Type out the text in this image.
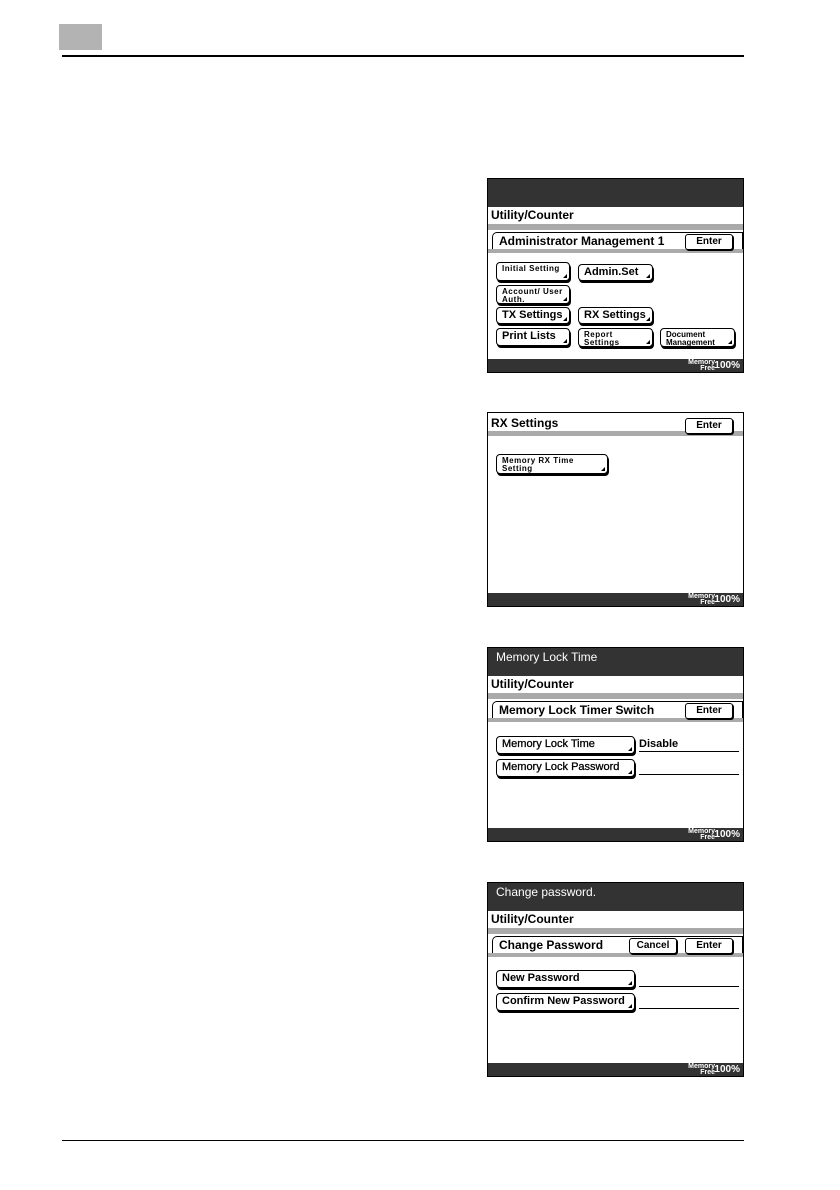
Utility/Counter
Administrator Management 1	Enter
Initial Setting	Admin.Set
Account/ User Auth.
TX Settings	RX Settings
Print Lists	Report Settings
Document Management
Memory Free 100%
RX Settings	Enter
Memory RX Time Setting
Memory Free 100%
Memory Lock Time
Utility/Counter
Memory Lock Timer Switch	Enter
Memory Lock Time	Disable
Memory Lock Password
Memory Free 100%
Change password.
Utility/Counter
Change Password	Cancel	Enter
New Password
Confirm New Password
Memory Free 100%
